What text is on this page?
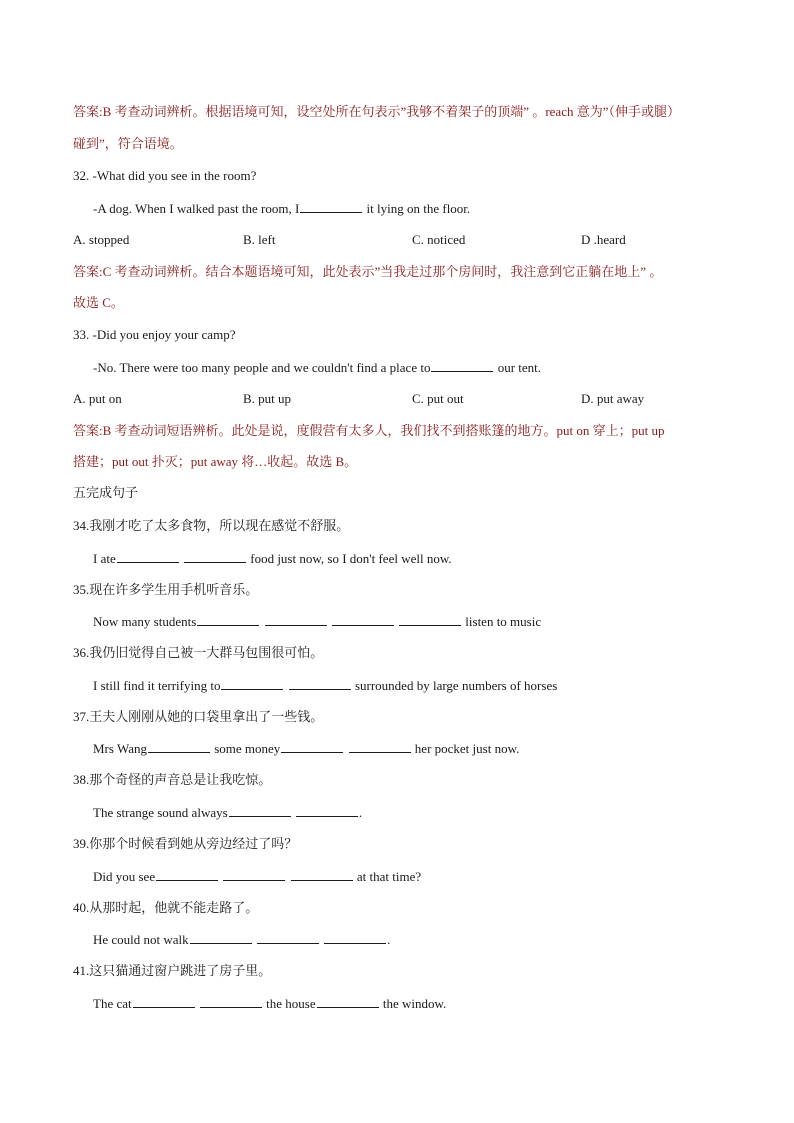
答案:B 考查动词辨析。根据语境可知，设空处所在句表示”我够不着架子的顶端” 。reach 意为”（伸手或腿）
碰到”，符合语境。
32. -What did you see in the room?
-A dog. When I walked past the room, I	it lying on the floor.
A. stopped	B. left	C. noticed	D .heard
答案:C 考查动词辨析。结合本题语境可知，此处表示”当我走过那个房间时，我注意到它正躺在地上” 。
故选 C。
33. -Did you enjoy your camp?
-No. There were too many people and we couldn't find a place to	our tent.
A. put on	B. put up	C. put out	D. put away
答案:B 考查动词短语辨析。此处是说，度假营有太多人，我们找不到搭账篷的地方。put on 穿上；put up
搭建；put out 扑灭；put away 将…收起。故选 B。
五完成句子
34.我刚才吃了太多食物，所以现在感觉不舒服。
I ate	food just now, so I don't feel well now.
35.现在许多学生用手机听音乐。
Now many students	listen to music
36.我仍旧觉得自己被一大群马包围很可怕。
I still find it terrifying to	surrounded by large numbers of horses
37.王夫人刚刚从她的口袋里拿出了一些钱。
Mrs Wang	some money	her pocket just now.
38.那个奇怪的声音总是让我吃惊。
The strange sound always	.
39.你那个时候看到她从旁边经过了吗？
Did you see	at that time?
40.从那时起，他就不能走路了。
He could not walk	.
41.这只猫通过窗户跳进了房子里。
The cat	the house	the window.
